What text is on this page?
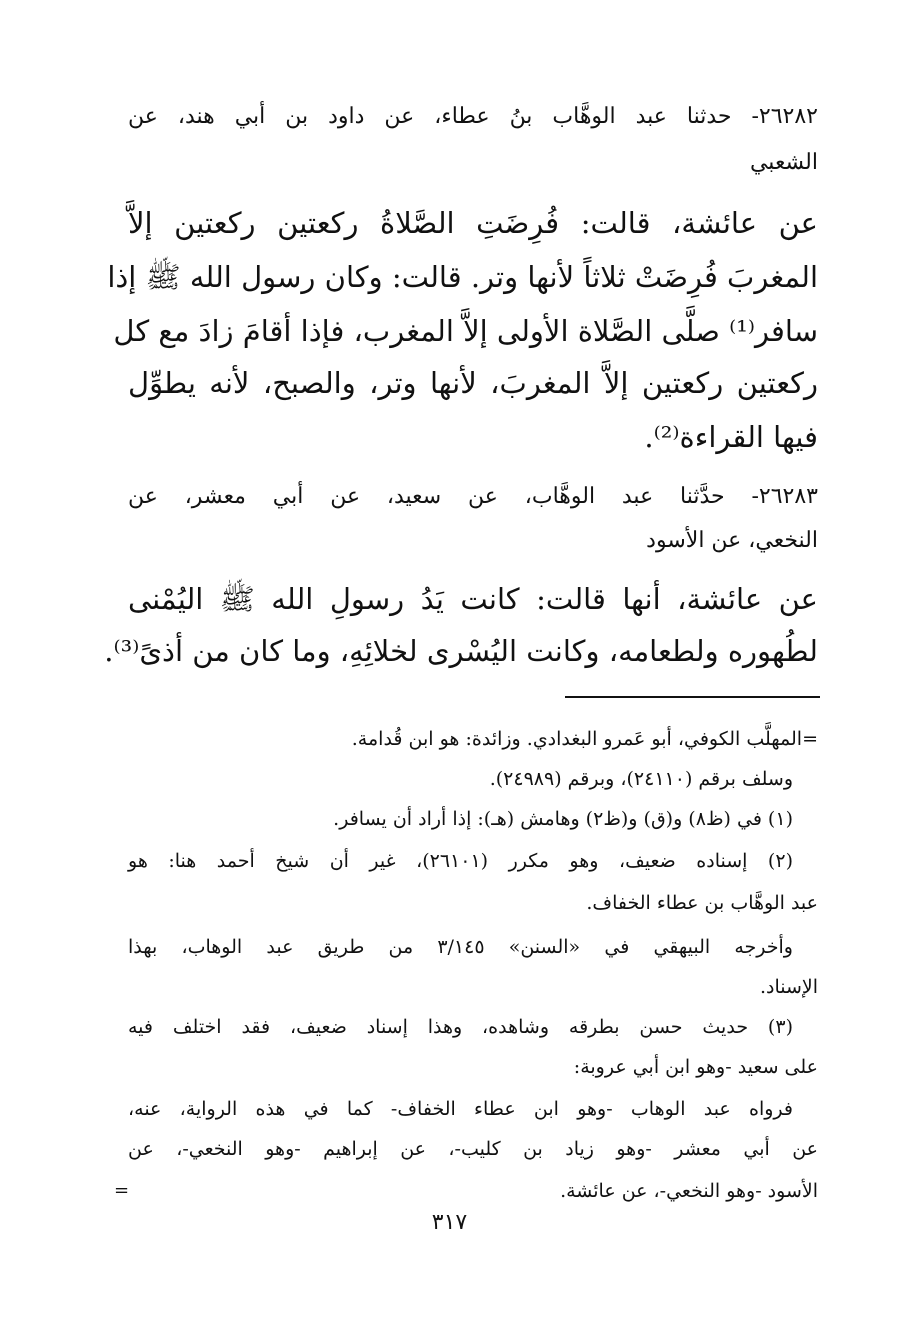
٢٦٢٨٢- حدثنا عبد الوهَّاب بنُ عطاء، عن داود بن أبي هند، عن
الشعبي
عن عائشة، قالت: فُرِضَتِ الصَّلاةُ ركعتين ركعتين إلاَّ
المغربَ فُرِضَتْ ثلاثاً لأنها وتر. قالت: وكان رسول الله ﷺ إذا
سافر⁽¹⁾ صلَّى الصَّلاة الأولى إلاَّ المغرب، فإذا أقامَ زادَ مع كل
ركعتين ركعتين إلاَّ المغربَ، لأنها وتر، والصبح، لأنه يطوِّل
فيها القراءة⁽²⁾.
٢٦٢٨٣- حدَّثنا عبد الوهَّاب، عن سعيد، عن أبي معشر، عن
النخعي، عن الأسود
عن عائشة، أنها قالت: كانت يَدُ رسولِ الله ﷺ اليُمْنى
لطُهوره ولطعامه، وكانت اليُسْرى لخلائِهِ، وما كان من أذىً⁽³⁾.
=المهلَّب الكوفي، أبو عَمرو البغدادي. وزائدة: هو ابن قُدامة.
وسلف برقم (٢٤١١٠)، وبرقم (٢٤٩٨٩).
(١) في (ظ٨) و(ق) و(ظ٢) وهامش (هـ): إذا أراد أن يسافر.
(٢) إسناده ضعيف، وهو مكرر (٢٦١٠١)، غير أن شيخ أحمد هنا: هو
عبد الوهَّاب بن عطاء الخفاف.
وأخرجه البيهقي في «السنن» ٣/١٤٥ من طريق عبد الوهاب، بهذا
الإسناد.
(٣) حديث حسن بطرقه وشاهده، وهذا إسناد ضعيف، فقد اختلف فيه
على سعيد -وهو ابن أبي عروبة:
فرواه عبد الوهاب -وهو ابن عطاء الخفاف- كما في هذه الرواية، عنه،
عن أبي معشر -وهو زياد بن كليب-، عن إبراهيم -وهو النخعي-، عن
الأسود -وهو النخعي-، عن عائشة.
=
٣١٧
